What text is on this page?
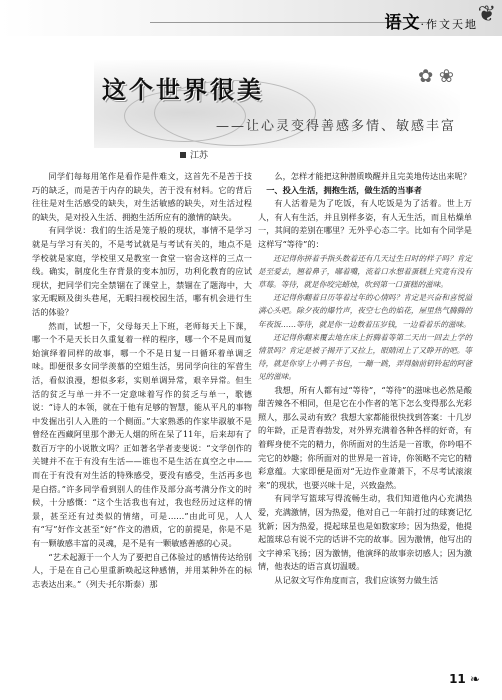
语文·作文天地 ❦
这个世界很美	✿ ❀
——让心灵变得善感多情、敏感丰富
江苏

同学们每每用笔作是看作是件难文，这首先不是苦于技巧的缺乏，而是苦于内存的缺失，苦于没有材料。它的背后往往是对生活感受的缺失，对生活敏感的缺失，对生活过程的缺失，是对投入生活、拥抱生活所应有的激情的缺失。

有同学说：我们的生活是笼子般的现状，事情不是学习就是与学习有关的，不是考试就是与考试有关的，地点不是学校就是家庭，学校里又是教室一食堂一宿舍这样的三点一线。确实，制度化生存背景的变本加厉，功利化教育的应试现状，把同学们完全禁锢在了课堂上，禁锢在了题海中，大家无暇顾及街头巷尾，无暇扫视校园生活，哪有机会进行生活的体验？

然而，试想一下，父母每天上下班，老师每天上下课，哪一个不是天长日久重复着一样的程序，哪一个不是周而复始演绎着同样的故事，哪一个不是日复一日循环着单调乏味。即便很多女同学羡慕的空姐生活，男同学向往的军营生活，看似浪漫，想似多彩，实则单调异常，艰辛异常。但生活的贫乏与单一并不一定意味着写作的贫乏与单一，歌德说：“诗人的本领，就在于他有足够的智慧，能从平凡的事物中发掘出引人入胜的一个侧面。”大家熟悉的作家毕淑敏不是曾经在西藏阿里那个渺无人烟的所在呆了11年，后来却有了数百万字的小说散文吗？正如著名学者麦斐说：“文学创作的关键并不在于有没有生活——谁也不是生活在真空之中——而在于有没有对生活的特殊感受，要没有感受，生活再多也是白搭。”许多同学看到别人的佳作及部分高考满分作文的时候，十分感慨：“这个生活我也有过，我也经历过这样的情景，甚至还有过类似的情绪，可是……”由此可见，人人有“写”好作文甚至“好”作文的潜质，它的前提是，你是不是有一颗敏感丰富的灵魂，是不是有一颗敏感善感的心灵。

“艺术起源于一个人为了要把自己体验过的感情传达给别人，于是在自己心里重新唤起这种感情，并用某种外在的标志表达出来。”（列夫·托尔斯泰）那

么，怎样才能把这种潜质唤醒并且完美地传达出来呢？

一、投入生活，拥抱生活，做生活的当事者

有人活着是为了吃饭，有人吃饭是为了活着。世上万人，有人有生活，并且别样多姿，有人无生活，而且枯燥单一，其间的差别在哪里？无外乎心态二字。比如有个同学是这样写“等待”的：

还记得你拼着手指头数着还有几天过生日时的样子吗？肯定是至爱去，翘着鼻子，嘟着嘴，流着口水想着蛋糕上究竟有没有草莓。等待，就是你咬完蜡烛，吹到第一口蛋糕的滋味。

还记得你翻着日历等着过年的心情吗？肯定是兴奋和喜悦溢满心头吧。除夕夜的爆竹声，夜空七色的焰花，屋里热气腾腾的年夜饭……等待，就是你一边数着压岁钱，一边看着乐的滋味。

还记得你翻来覆去地在床上折腾着等第二天出一回去上学的情景吗？肯定是被子揭开了又拉上，眼睛闭上了又睁开的吧。等待，就是你穿上小鸭子书包，一蹦一跳，弄得脑前钥铃起的阿爸见的滋味。

我想，所有人都有过“等待”，“等待”的滋味也必然是酸甜苦辣各不相同，但是它在小作者的笔下怎么变得那么光彩照人，那么灵动有致？我想大家都能很快找到答案：十几岁的年龄，正是青春勃发，对外界充满着各种各样的好奇，有着辉身使不完的精力，你所面对的生活是一首歌，你吟唱不完它的妙趣；你所面对的世界是一首诗，你领略不完它的精彩意蕴。大家即便是面对“无边作业萧萧下，不尽考试滚滚来”的现状，也要兴味十足，兴致盎然。

有同学写篮球写得流畅生动，我们知道他内心充满热爱，充满激情，因为热爱，他对自己一年前打过的球赛记忆犹新；因为热爱，提起球星也是如数家珍；因为热爱，他提起篮球总有说不完的话讲不完的故事。因为激情，他写出的文字神采飞扬；因为激情，他演绎的故事亲切感人；因为激情，他表达的语言真切温暖。

从记叙文写作角度而言，我们应该努力做生活

11 ❧
